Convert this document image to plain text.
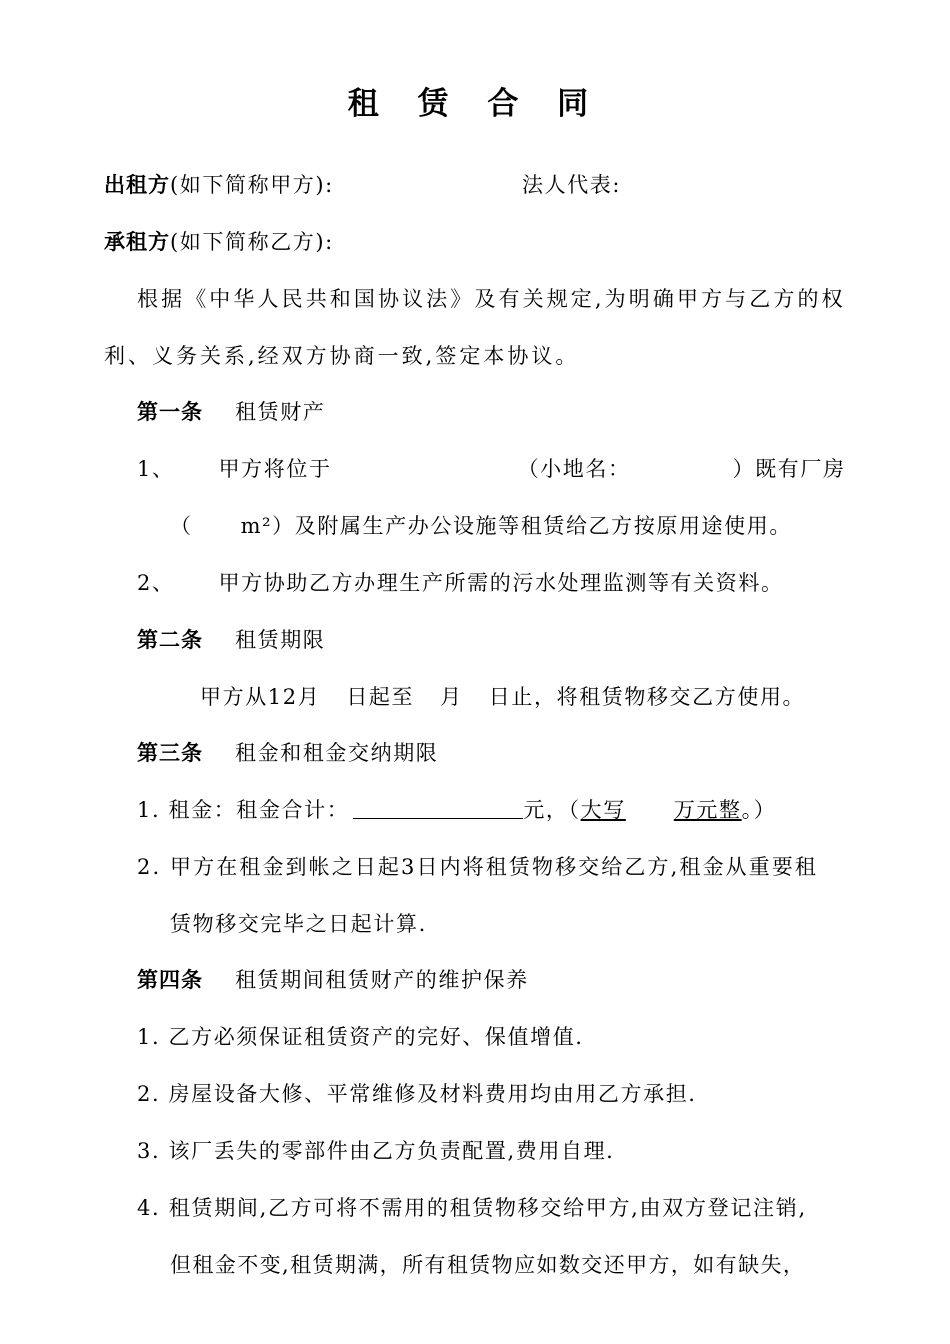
租 赁 合 同
出租方(如下简称甲方):	法人代表:
承租方(如下简称乙方):
根据《中华人民共和国协议法》及有关规定,为明确甲方与乙方的权
利、义务关系,经双方协商一致,签定本协议。
第一条 租赁财产
1、 甲方将位于	（小地名：	）既有厂房
（ m²）及附属生产办公设施等租赁给乙方按原用途使用。
2、 甲方协助乙方办理生产所需的污水处理监测等有关资料。
第二条 租赁期限
甲方从12月 日起至 月 日止，将租赁物移交乙方使用。
第三条 租金和租金交纳期限
1. 租金：租金合计：	元，（大写 万元整。）
2. 甲方在租金到帐之日起3日内将租赁物移交给乙方,租金从重要租
赁物移交完毕之日起计算.
第四条 租赁期间租赁财产的维护保养
1. 乙方必须保证租赁资产的完好、保值增值.
2. 房屋设备大修、平常维修及材料费用均由用乙方承担.
3. 该厂丢失的零部件由乙方负责配置,费用自理.
4. 租赁期间,乙方可将不需用的租赁物移交给甲方,由双方登记注销,
但租金不变,租赁期满，所有租赁物应如数交还甲方，如有缺失，
